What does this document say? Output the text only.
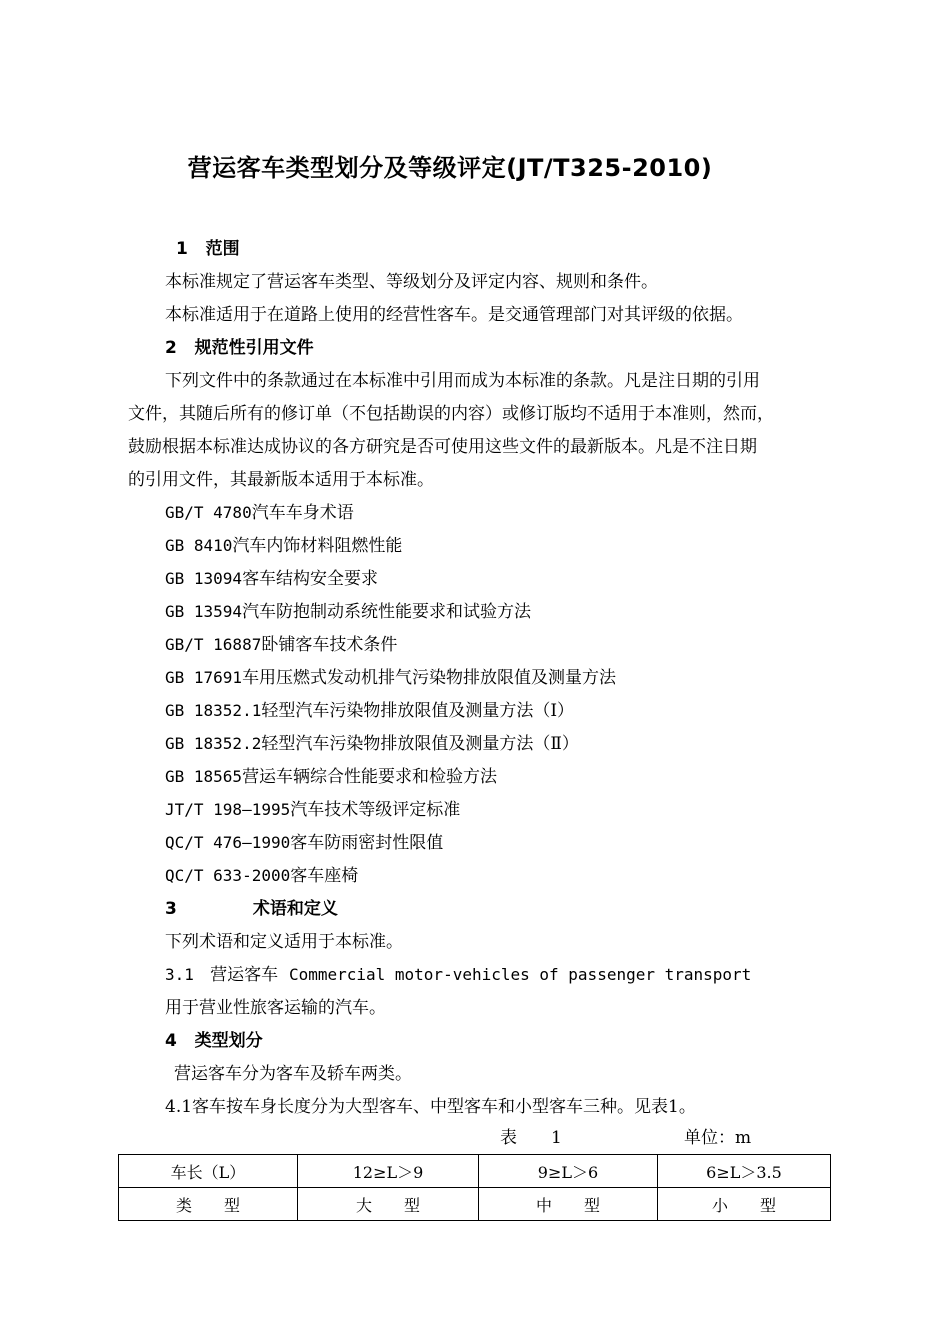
营运客车类型划分及等级评定(JT/T325-2010)
1 范围
本标准规定了营运客车类型、等级划分及评定内容、规则和条件。
本标准适用于在道路上使用的经营性客车。是交通管理部门对其评级的依据。
2 规范性引用文件
下列文件中的条款通过在本标准中引用而成为本标准的条款。凡是注日期的引用
文件，其随后所有的修订单（不包括勘误的内容）或修订版均不适用于本准则，然而，
鼓励根据本标准达成协议的各方研究是否可使用这些文件的最新版本。凡是不注日期
的引用文件，其最新版本适用于本标准。
GB/T 4780汽车车身术语
GB 8410汽车内饰材料阻燃性能
GB 13094客车结构安全要求
GB 13594汽车防抱制动系统性能要求和试验方法
GB/T 16887卧铺客车技术条件
GB 17691车用压燃式发动机排气污染物排放限值及测量方法
GB 18352.1轻型汽车污染物排放限值及测量方法（Ⅰ）
GB 18352.2轻型汽车污染物排放限值及测量方法（Ⅱ）
GB 18565营运车辆综合性能要求和检验方法
JT/T 198—1995汽车技术等级评定标准
QC/T 476—1990客车防雨密封性限值
QC/T 633-2000客车座椅
3	术语和定义
下列术语和定义适用于本标准。
3.1 营运客车 Commercial motor-vehicles of passenger transport
用于营业性旅客运输的汽车。
4 类型划分
营运客车分为客车及轿车两类。
4.1客车按车身长度分为大型客车、中型客车和小型客车三种。见表1。
表　　1	单位：m
车长（L）	12≥L＞9	9≥L＞6	6≥L＞3.5
类　　型	大　　型	中　　型	小　　型
